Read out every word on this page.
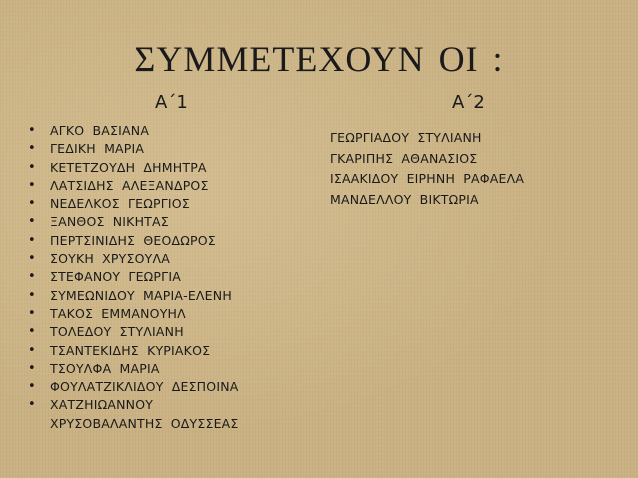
ΣΥΜΜΕΤΕΧΟΥΝ ΟΙ :
Α΄1	Α΄2
• ΑΓΚΟ ΒΑΣΙΑΝΑ
• ΓΕΔΙΚΗ ΜΑΡΙΑ
• ΚΕΤΕΤΖΟΥΔΗ ΔΗΜΗΤΡΑ
• ΛΑΤΣΙΔΗΣ ΑΛΕΞΑΝΔΡΟΣ
• ΝΕΔΕΛΚΟΣ ΓΕΩΡΓΙΟΣ
• ΞΑΝΘΟΣ ΝΙΚΗΤΑΣ
• ΠΕΡΤΣΙΝΙΔΗΣ ΘΕΟΔΩΡΟΣ
• ΣΟΥΚΗ ΧΡΥΣΟΥΛΑ
• ΣΤΕΦΑΝΟΥ ΓΕΩΡΓΙΑ
• ΣΥΜΕΩΝΙΔΟΥ ΜΑΡΙΑ-ΕΛΕΝΗ
• ΤΑΚΟΣ ΕΜΜΑΝΟΥΗΛ
• ΤΟΛΕΔΟΥ ΣΤΥΛΙΑΝΗ
• ΤΣΑΝΤΕΚΙΔΗΣ ΚΥΡΙΑΚΟΣ
• ΤΣΟΥΛΦΑ ΜΑΡΙΑ
• ΦΟΥΛΑΤΖΙΚΛΙΔΟΥ ΔΕΣΠΟΙΝΑ
• ΧΑΤΖΗΙΩΑΝΝΟΥ
ΧΡΥΣΟΒΑΛΑΝΤΗΣ ΟΔΥΣΣΕΑΣ
ΓΕΩΡΓΙΑΔΟΥ ΣΤΥΛΙΑΝΗ
ΓΚΑΡΙΠΗΣ ΑΘΑΝΑΣΙΟΣ
ΙΣΑΑΚΙΔΟΥ ΕΙΡΗΝΗ ΡΑΦΑΕΛΑ
ΜΑΝΔΕΛΛΟΥ ΒΙΚΤΩΡΙΑ
